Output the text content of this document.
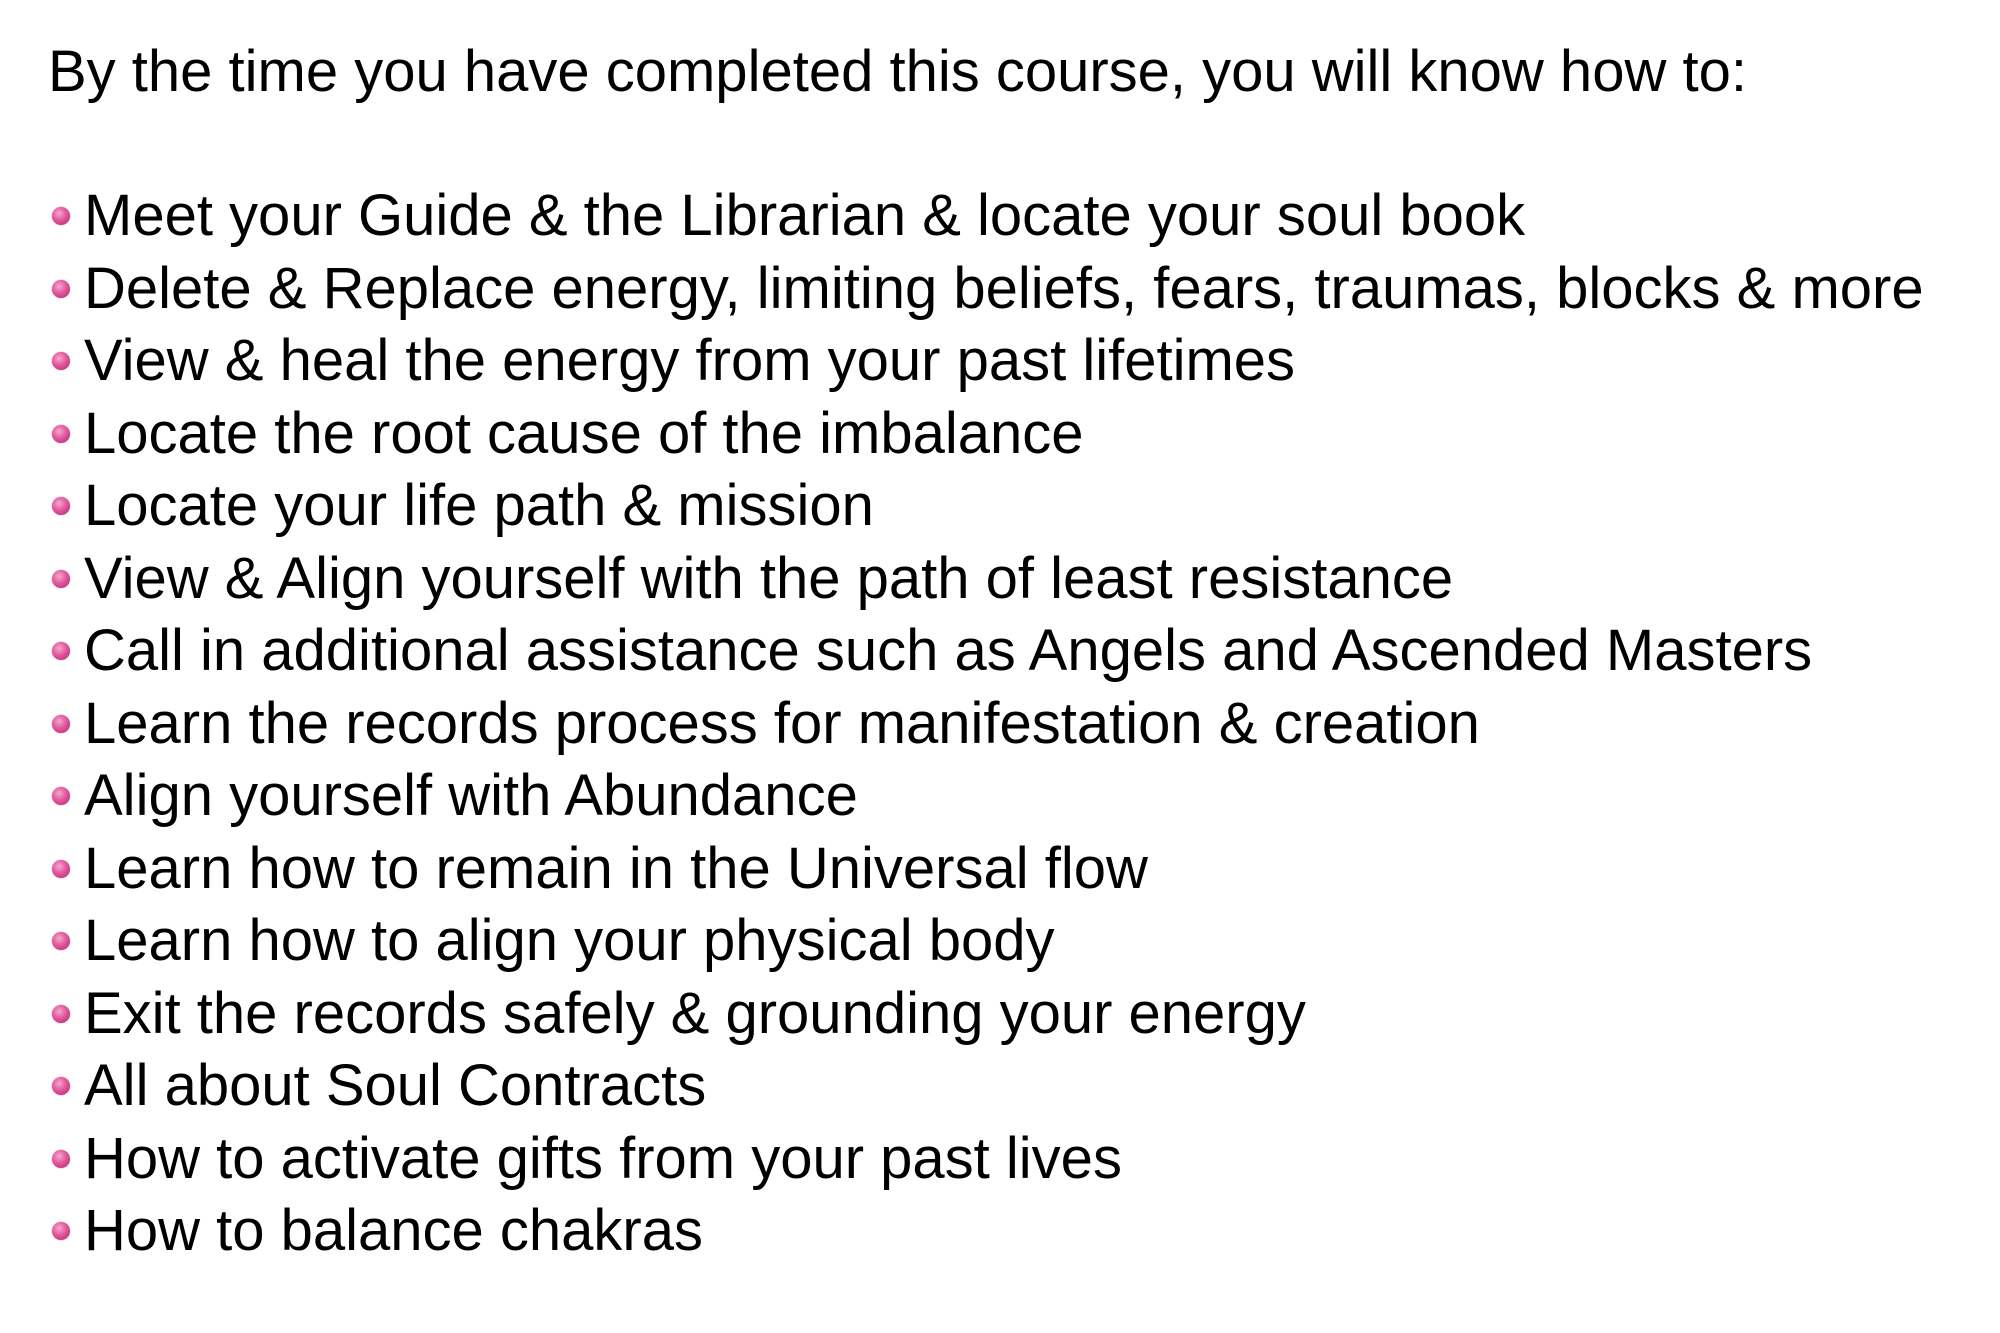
By the time you have completed this course, you will know how to:

Meet your Guide & the Librarian & locate your soul book
Delete & Replace energy, limiting beliefs, fears, traumas, blocks & more
View & heal the energy from your past lifetimes
Locate the root cause of the imbalance
Locate your life path & mission
View & Align yourself with the path of least resistance
Call in additional assistance such as Angels and Ascended Masters
Learn the records process for manifestation & creation
Align yourself with Abundance
Learn how to remain in the Universal flow
Learn how to align your physical body
Exit the records safely & grounding your energy
All about Soul Contracts
How to activate gifts from your past lives
How to balance chakras
